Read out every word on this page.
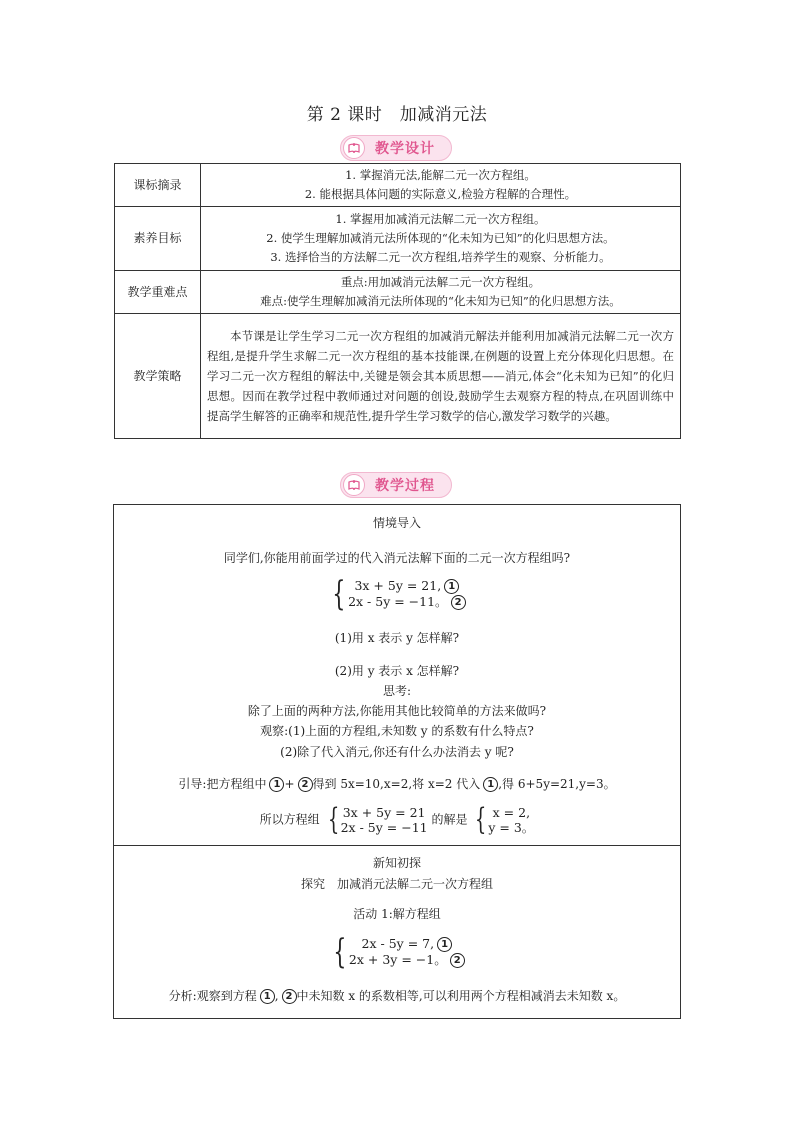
第 2 课时　加减消元法
教学设计
课标摘录	1. 掌握消元法,能解二元一次方程组。
2. 能根据具体问题的实际意义,检验方程解的合理性。

素养目标	1. 掌握用加减消元法解二元一次方程组。
2. 使学生理解加减消元法所体现的“化未知为已知”的化归思想方法。
3. 选择恰当的方法解二元一次方程组,培养学生的观察、分析能力。

教学重难点	重点:用加减消元法解二元一次方程组。
难点:使学生理解加减消元法所体现的“化未知为已知”的化归思想方法。

教学策略	本节课是让学生学习二元一次方程组的加减消元解法并能利用加减消元法解二元一次方程组,是提升学生求解二元一次方程组的基本技能课,在例题的设置上充分体现化归思想。在学习二元一次方程组的解法中,关键是领会其本质思想——消元,体会“化未知为已知”的化归思想。因而在教学过程中教师通过对问题的创设,鼓励学生去观察方程的特点,在巩固训练中提高学生解答的正确率和规范性,提升学生学习数学的信心,激发学习数学的兴趣。
教学过程
情境导入
同学们,你能用前面学过的代入消元法解下面的二元一次方程组吗?
{ 3x + 5y = 21, 1
2x - 5y = −11。 2
(1)用 x 表示 y 怎样解?
(2)用 y 表示 x 怎样解?
思考:
除了上面的两种方法,你能用其他比较简单的方法来做吗?
观察:(1)上面的方程组,未知数 y 的系数有什么特点?
(2)除了代入消元,你还有什么办法消去 y 呢?
引导:把方程组中 1 + 2 得到 5x=10,x=2,将 x=2 代入 1 ,得 6+5y=21,y=3。
所以方程组 { 3x + 5y = 21
2x - 5y = −11
的解是 { x = 2,
y = 3。
新知初探
探究　加减消元法解二元一次方程组
活动 1:解方程组
{	2x - 5y = 7, 1
2x + 3y = −1。 2
分析:观察到方程 1 , 2 中未知数 x 的系数相等,可以利用两个方程相减消去未知数 x。
